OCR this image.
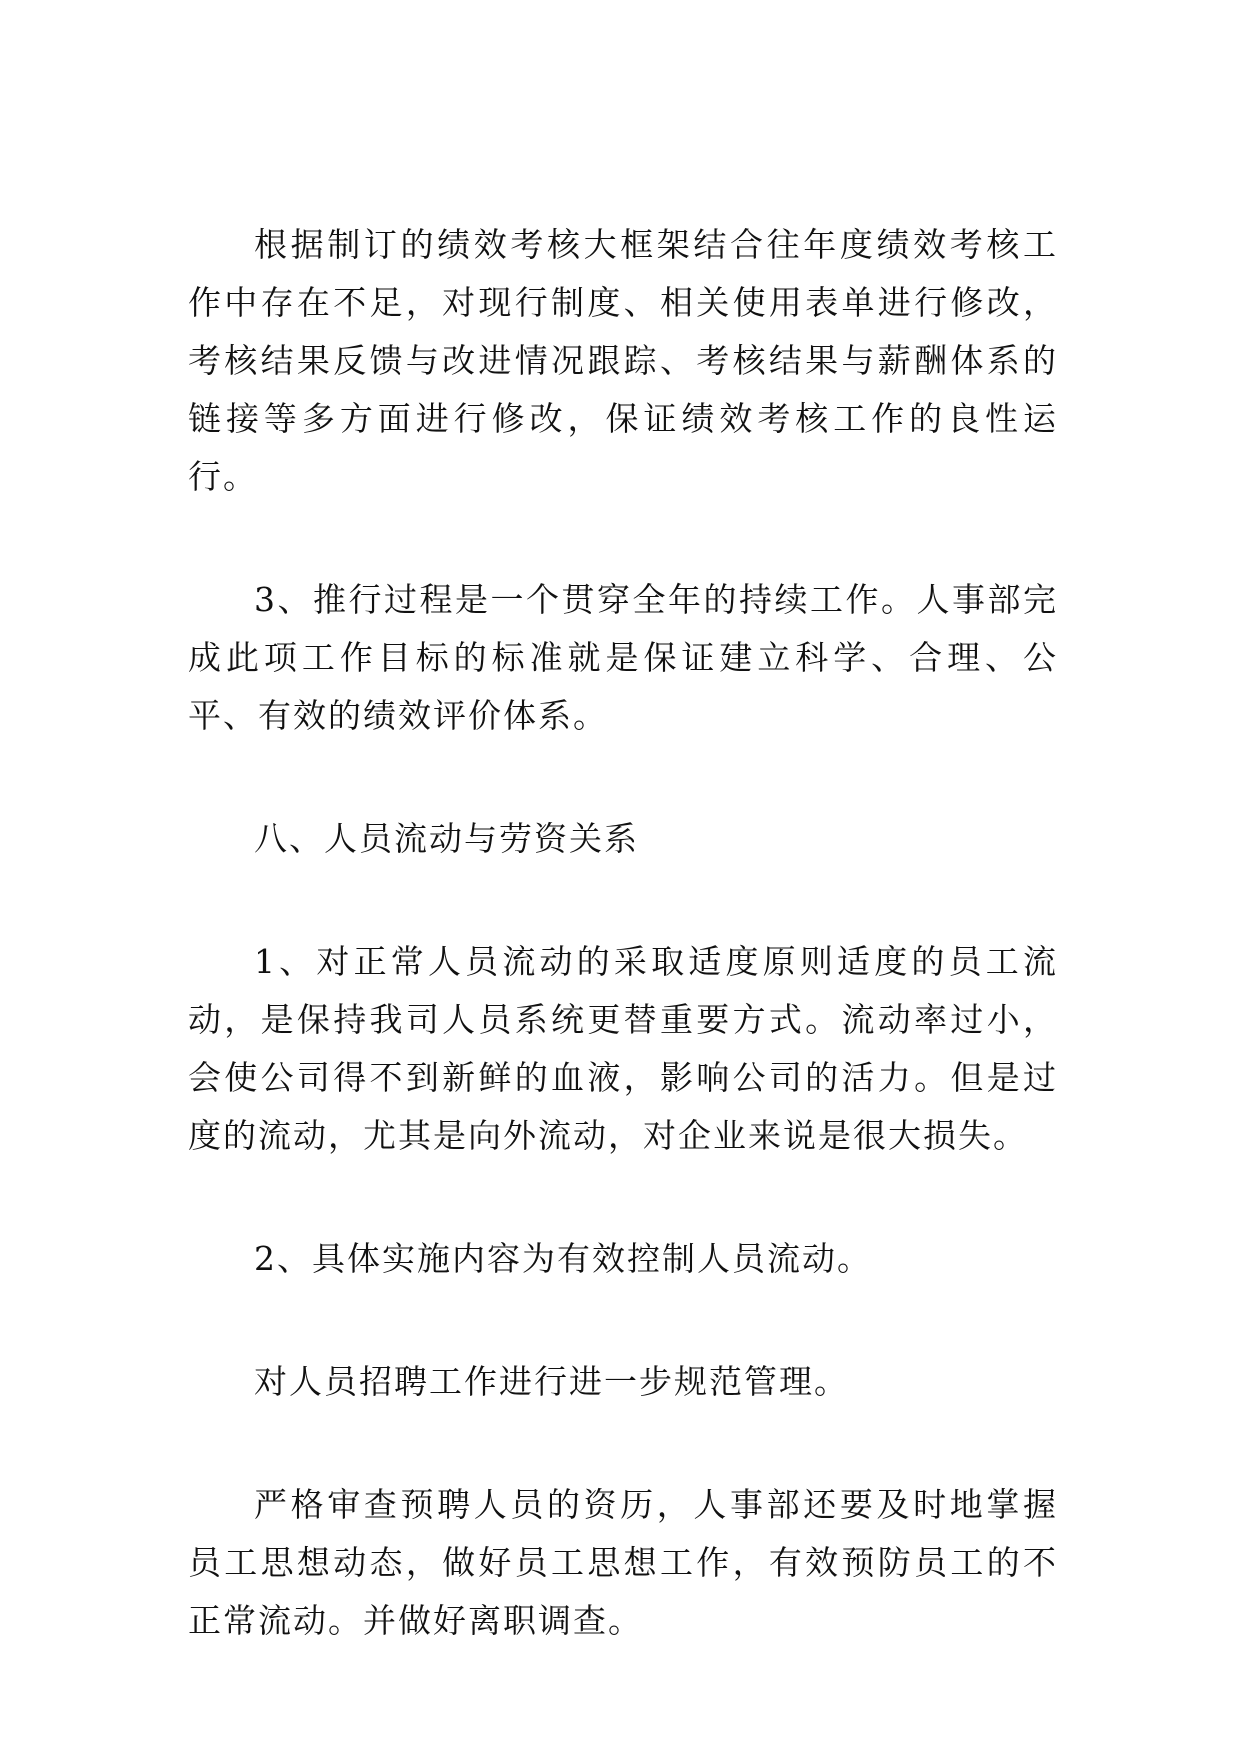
根据制订的绩效考核大框架结合往年度绩效考核工作中存在不足，对现行制度、相关使用表单进行修改，考核结果反馈与改进情况跟踪、考核结果与薪酬体系的链接等多方面进行修改，保证绩效考核工作的良性运行。

3、推行过程是一个贯穿全年的持续工作。人事部完成此项工作目标的标准就是保证建立科学、合理、公平、有效的绩效评价体系。

八、人员流动与劳资关系

1、对正常人员流动的采取适度原则适度的员工流动，是保持我司人员系统更替重要方式。流动率过小，会使公司得不到新鲜的血液，影响公司的活力。但是过度的流动，尤其是向外流动，对企业来说是很大损失。

2、具体实施内容为有效控制人员流动。

对人员招聘工作进行进一步规范管理。

严格审查预聘人员的资历，人事部还要及时地掌握员工思想动态，做好员工思想工作，有效预防员工的不正常流动。并做好离职调查。
